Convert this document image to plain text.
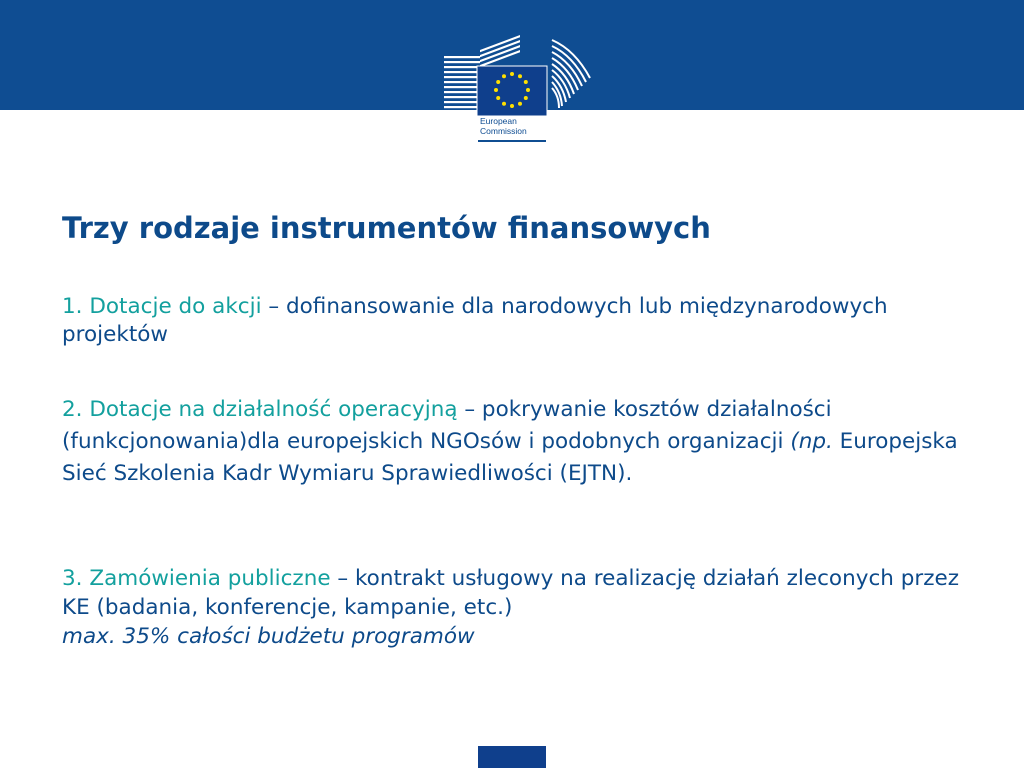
European
Commission
Trzy rodzaje instrumentów finansowych

1. Dotacje do akcji – dofinansowanie dla narodowych lub międzynarodowych projektów

2. Dotacje na działalność operacyjną – pokrywanie kosztów działalności (funkcjonowania)dla europejskich NGOsów i podobnych organizacji (np. Europejska Sieć Szkolenia Kadr Wymiaru Sprawiedliwości (EJTN).

3. Zamówienia publiczne – kontrakt usługowy na realizację działań zleconych przez KE (badania, konferencje, kampanie, etc.)
max. 35% całości budżetu programów
